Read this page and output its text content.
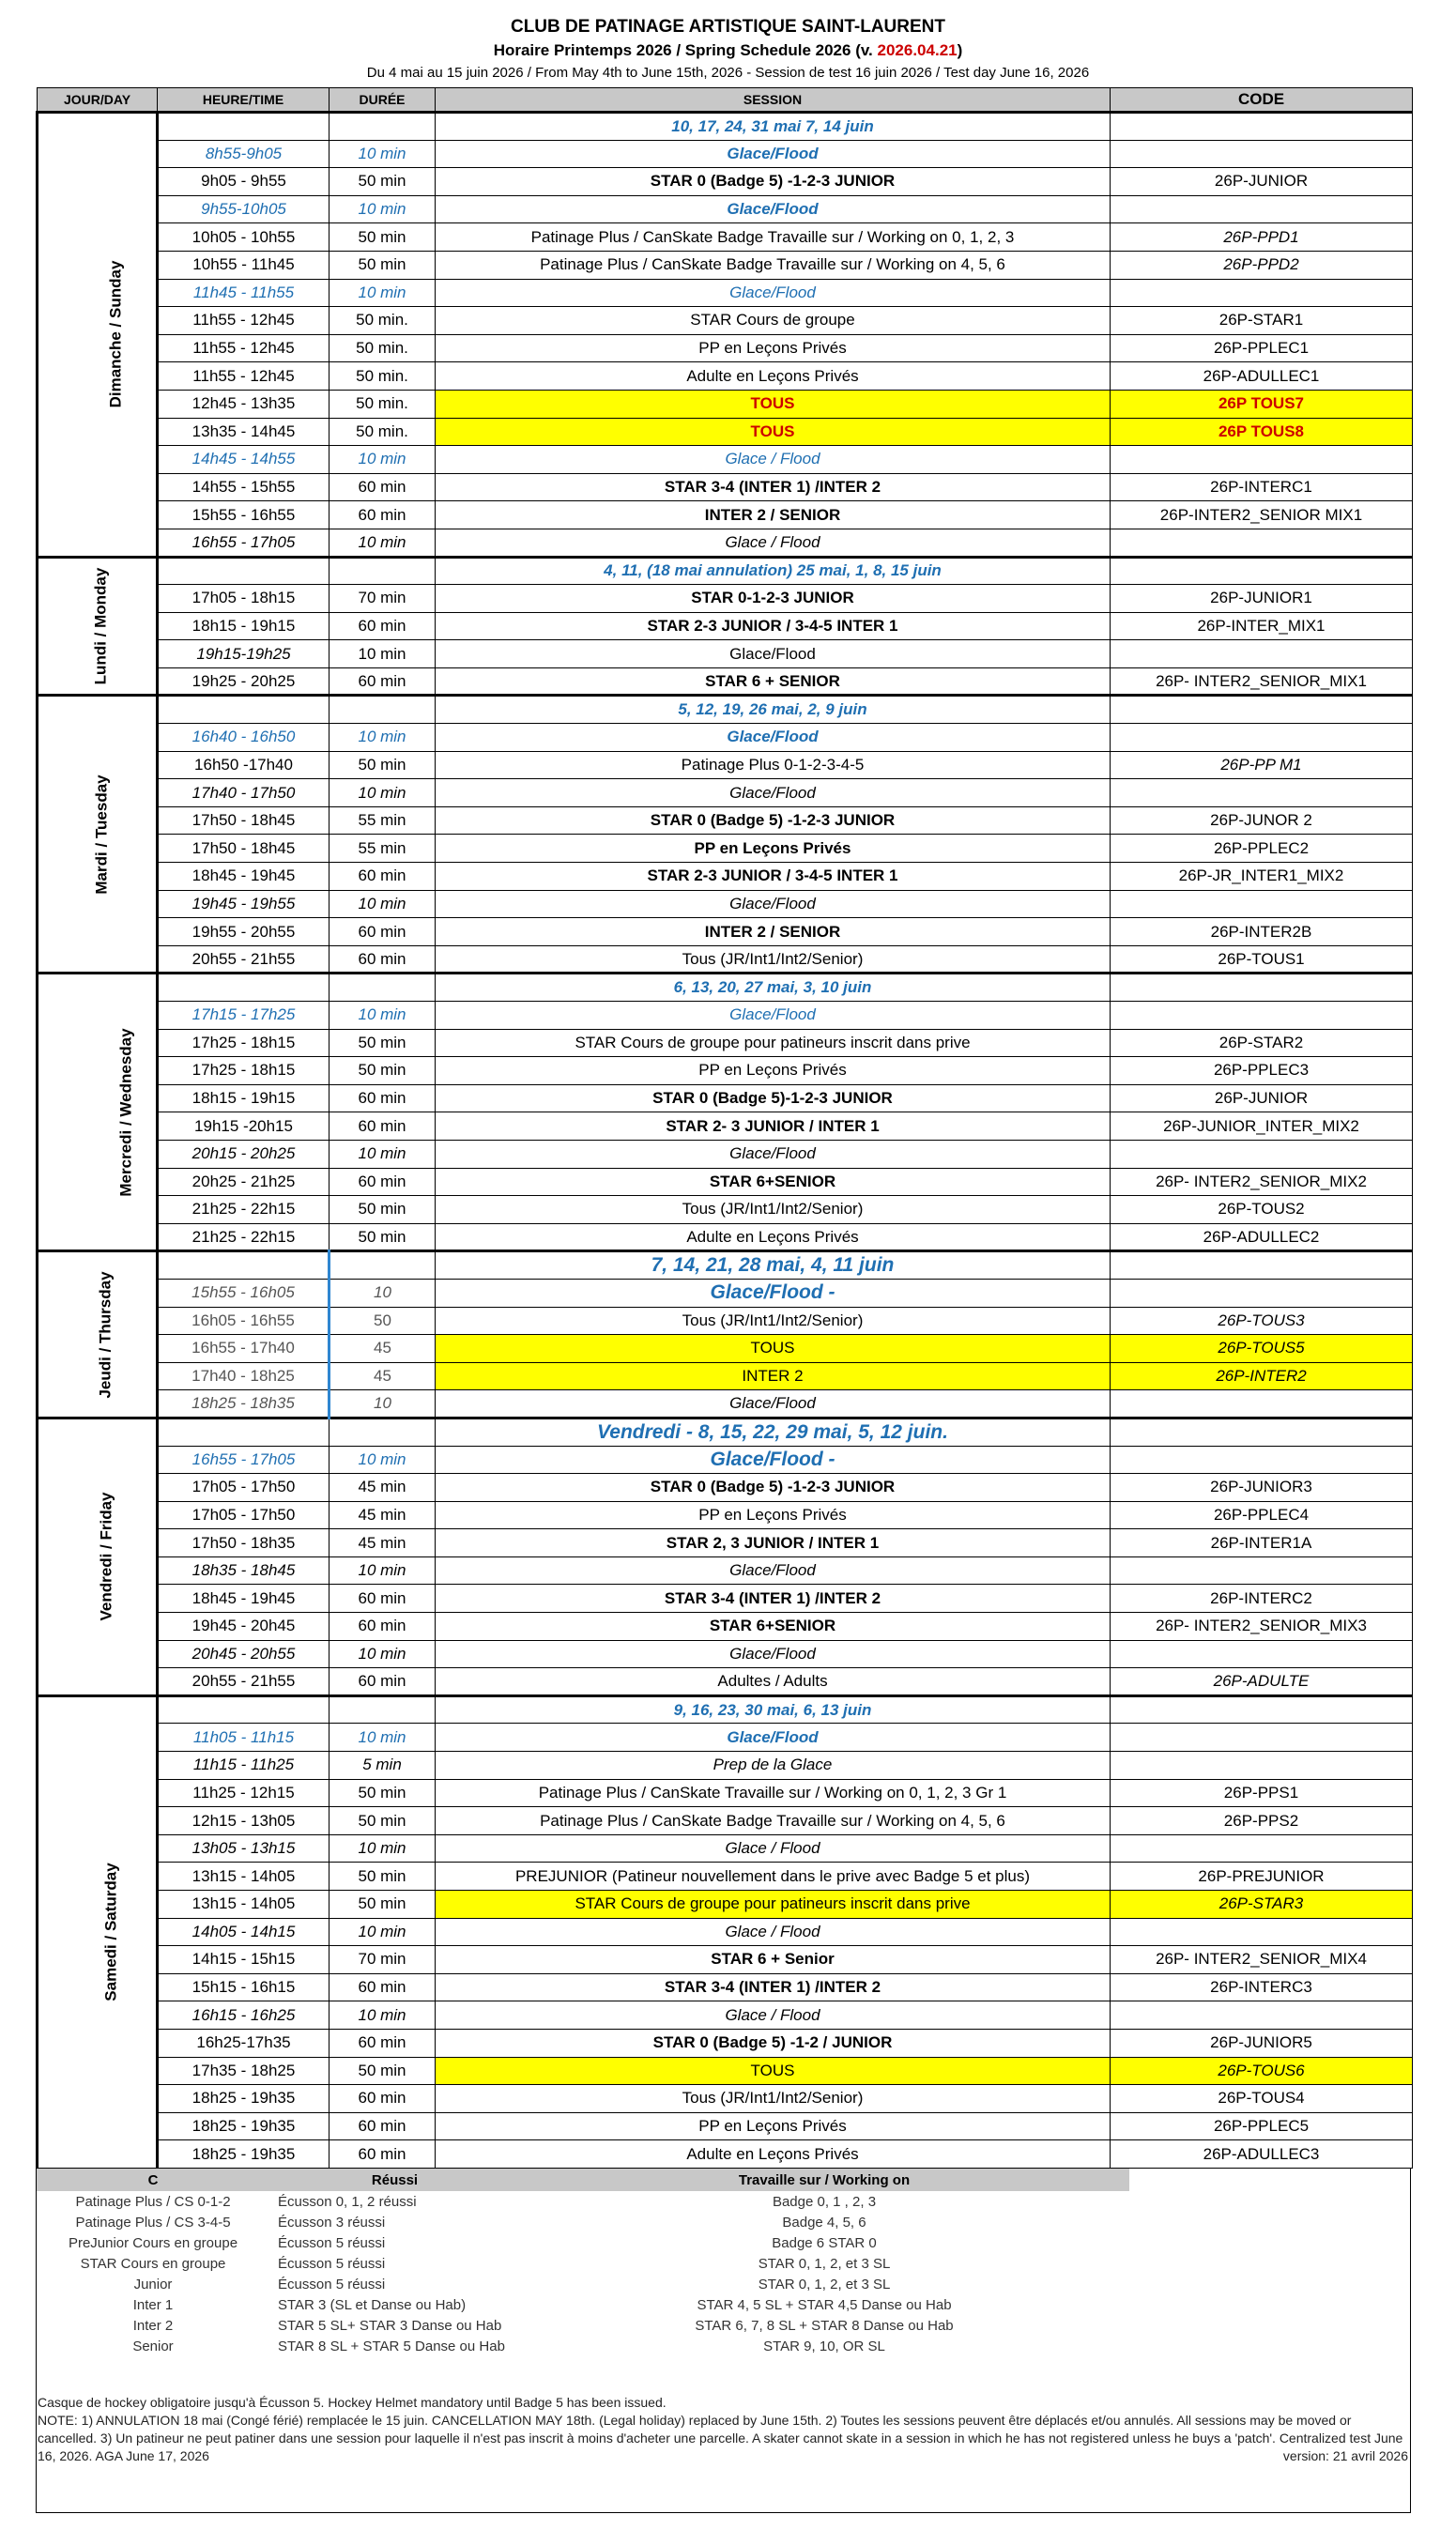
CLUB DE PATINAGE ARTISTIQUE SAINT-LAURENT
Horaire Printemps 2026 / Spring Schedule 2026 (v. 2026.04.21)
Du 4 mai au 15 juin 2026 / From May 4th to June 15th, 2026 - Session de test 16 juin 2026 / Test day June 16, 2026
JOUR/DAY	HEURE/TIME	DURÉE	SESSION	CODE
Dimanche / Sunday			10, 17, 24, 31 mai 7, 14 juin	
	8h55-9h05	10 min	Glace/Flood	
	9h05 - 9h55	50 min	STAR 0 (Badge 5) -1-2-3 JUNIOR	26P-JUNIOR
	9h55-10h05	10 min	Glace/Flood	
	10h05 - 10h55	50 min	Patinage Plus / CanSkate Badge Travaille sur / Working on 0, 1, 2, 3	26P-PPD1
	10h55 - 11h45	50 min	Patinage Plus / CanSkate Badge Travaille sur / Working on 4, 5, 6	26P-PPD2
	11h45 - 11h55	10 min	Glace/Flood	
	11h55 - 12h45	50 min.	STAR Cours de groupe	26P-STAR1
	11h55 - 12h45	50 min.	PP en Leçons Privés	26P-PPLEC1
	11h55 - 12h45	50 min.	Adulte en Leçons Privés	26P-ADULLEC1
	12h45 - 13h35	50 min.	TOUS	26P TOUS7
	13h35 - 14h45	50 min.	TOUS	26P TOUS8
	14h45 - 14h55	10 min	Glace / Flood	
	14h55 - 15h55	60 min	STAR 3-4 (INTER 1) /INTER 2	26P-INTERC1
	15h55 - 16h55	60 min	INTER 2 / SENIOR	26P-INTER2_SENIOR MIX1
	16h55 - 17h05	10 min	Glace / Flood	
Lundi / Monday			4, 11, (18 mai annulation) 25 mai, 1, 8, 15 juin	
	17h05 - 18h15	70 min	STAR 0-1-2-3 JUNIOR	26P-JUNIOR1
	18h15 - 19h15	60 min	STAR 2-3 JUNIOR / 3-4-5 INTER 1	26P-INTER_MIX1
	19h15-19h25	10 min	Glace/Flood	
	19h25 - 20h25	60 min	STAR 6 + SENIOR	26P- INTER2_SENIOR_MIX1
Mardi / Tuesday			5, 12, 19, 26 mai, 2, 9 juin	
	16h40 - 16h50	10 min	Glace/Flood	
	16h50 -17h40	50 min	Patinage Plus 0-1-2-3-4-5	26P-PP M1
	17h40 - 17h50	10 min	Glace/Flood	
	17h50 - 18h45	55 min	STAR 0 (Badge 5) -1-2-3 JUNIOR	26P-JUNOR 2
	17h50 - 18h45	55 min	PP en Leçons Privés	26P-PPLEC2
	18h45 - 19h45	60 min	STAR 2-3 JUNIOR / 3-4-5 INTER 1	26P-JR_INTER1_MIX2
	19h45 - 19h55	10 min	Glace/Flood	
	19h55 - 20h55	60 min	INTER 2 / SENIOR	26P-INTER2B
	20h55 - 21h55	60 min	Tous (JR/Int1/Int2/Senior)	26P-TOUS1
Mercredi / Wednesday			6, 13, 20, 27 mai, 3, 10 juin	
	17h15 - 17h25	10 min	Glace/Flood	
	17h25 - 18h15	50 min	STAR Cours de groupe pour patineurs inscrit dans prive	26P-STAR2
	17h25 - 18h15	50 min	PP en Leçons Privés	26P-PPLEC3
	18h15 - 19h15	60 min	STAR 0 (Badge 5)-1-2-3 JUNIOR	26P-JUNIOR
	19h15 -20h15	60 min	STAR 2- 3 JUNIOR / INTER 1	26P-JUNIOR_INTER_MIX2
	20h15 - 20h25	10 min	Glace/Flood	
	20h25 - 21h25	60 min	STAR 6+SENIOR	26P- INTER2_SENIOR_MIX2
	21h25 - 22h15	50 min	Tous (JR/Int1/Int2/Senior)	26P-TOUS2
	21h25 - 22h15	50 min	Adulte en Leçons Privés	26P-ADULLEC2
Jeudi / Thursday			7, 14, 21, 28 mai, 4, 11 juin	
	15h55 - 16h05	10	Glace/Flood -	
	16h05 - 16h55	50	Tous (JR/Int1/Int2/Senior)	26P-TOUS3
	16h55 - 17h40	45	TOUS	26P-TOUS5
	17h40 - 18h25	45	INTER 2	26P-INTER2
	18h25 - 18h35	10	Glace/Flood	
Vendredi / Friday			Vendredi - 8, 15, 22, 29 mai, 5, 12 juin.	
	16h55 - 17h05	10 min	Glace/Flood -	
	17h05 - 17h50	45 min	STAR 0 (Badge 5) -1-2-3 JUNIOR	26P-JUNIOR3
	17h05 - 17h50	45 min	PP en Leçons Privés	26P-PPLEC4
	17h50 - 18h35	45 min	STAR 2, 3 JUNIOR / INTER 1	26P-INTER1A
	18h35 - 18h45	10 min	Glace/Flood	
	18h45 - 19h45	60 min	STAR 3-4 (INTER 1) /INTER 2	26P-INTERC2
	19h45 - 20h45	60 min	STAR 6+SENIOR	26P- INTER2_SENIOR_MIX3
	20h45 - 20h55	10 min	Glace/Flood	
	20h55 - 21h55	60 min	Adultes / Adults	26P-ADULTE
Samedi / Saturday			9, 16, 23, 30 mai, 6, 13 juin	
	11h05 - 11h15	10 min	Glace/Flood	
	11h15 - 11h25	5 min	Prep de la Glace	
	11h25 - 12h15	50 min	Patinage Plus / CanSkate Travaille sur / Working on 0, 1, 2, 3 Gr 1	26P-PPS1
	12h15 - 13h05	50 min	Patinage Plus / CanSkate Badge Travaille sur / Working on 4, 5, 6	26P-PPS2
	13h05 - 13h15	10 min	Glace / Flood	
	13h15 - 14h05	50 min	PREJUNIOR (Patineur nouvellement dans le prive avec Badge 5 et plus)	26P-PREJUNIOR
	13h15 - 14h05	50 min	STAR Cours de groupe pour patineurs inscrit dans prive	26P-STAR3
	14h05 - 14h15	10 min	Glace / Flood	
	14h15 - 15h15	70 min	STAR 6 + Senior	26P- INTER2_SENIOR_MIX4
	15h15 - 16h15	60 min	STAR 3-4 (INTER 1) /INTER 2	26P-INTERC3
	16h15 - 16h25	10 min	Glace / Flood	
	16h25-17h35	60 min	STAR 0 (Badge 5) -1-2 / JUNIOR	26P-JUNIOR5
	17h35 - 18h25	50 min	TOUS	26P-TOUS6
	18h25 - 19h35	60 min	Tous (JR/Int1/Int2/Senior)	26P-TOUS4
	18h25 - 19h35	60 min	PP en Leçons Privés	26P-PPLEC5
	18h25 - 19h35	60 min	Adulte en Leçons Privés	26P-ADULLEC3
C	Réussi	Travaille sur / Working on	
Patinage Plus / CS 0-1-2	Écusson 0, 1, 2 réussi	Badge 0, 1 , 2, 3	
Patinage Plus / CS 3-4-5	Écusson 3 réussi	Badge 4, 5, 6	
PreJunior Cours en groupe	Écusson 5 réussi	Badge 6 STAR 0	
STAR Cours en groupe	Écusson 5 réussi	STAR 0, 1, 2, et 3 SL	
Junior	Écusson 5 réussi	STAR 0, 1, 2, et 3 SL	
Inter 1	STAR 3 (SL et Danse ou Hab)	STAR 4, 5 SL + STAR 4,5 Danse ou Hab	
Inter 2	STAR 5 SL+ STAR 3 Danse ou Hab	STAR 6, 7, 8 SL + STAR 8 Danse ou Hab	
Senior	STAR 8 SL + STAR 5 Danse ou Hab	STAR 9, 10, OR SL	

Casque de hockey obligatoire jusqu'à Écusson 5. Hockey Helmet mandatory until Badge 5 has been issued.

NOTE: 1) ANNULATION 18 mai (Congé férié) remplacée le 15 juin. CANCELLATION MAY 18th. (Legal holiday) replaced by June 15th. 2) Toutes les sessions peuvent être déplacés et/ou annulés. All sessions may be moved or cancelled. 3) Un patineur ne peut patiner dans une session pour laquelle il n'est pas inscrit à moins d'acheter une parcelle. A skater cannot skate in a session in which he has not registered unless he buys a 'patch'. Centralized test June 16, 2026. AGA June 17, 2026	version: 21 avril 2026
